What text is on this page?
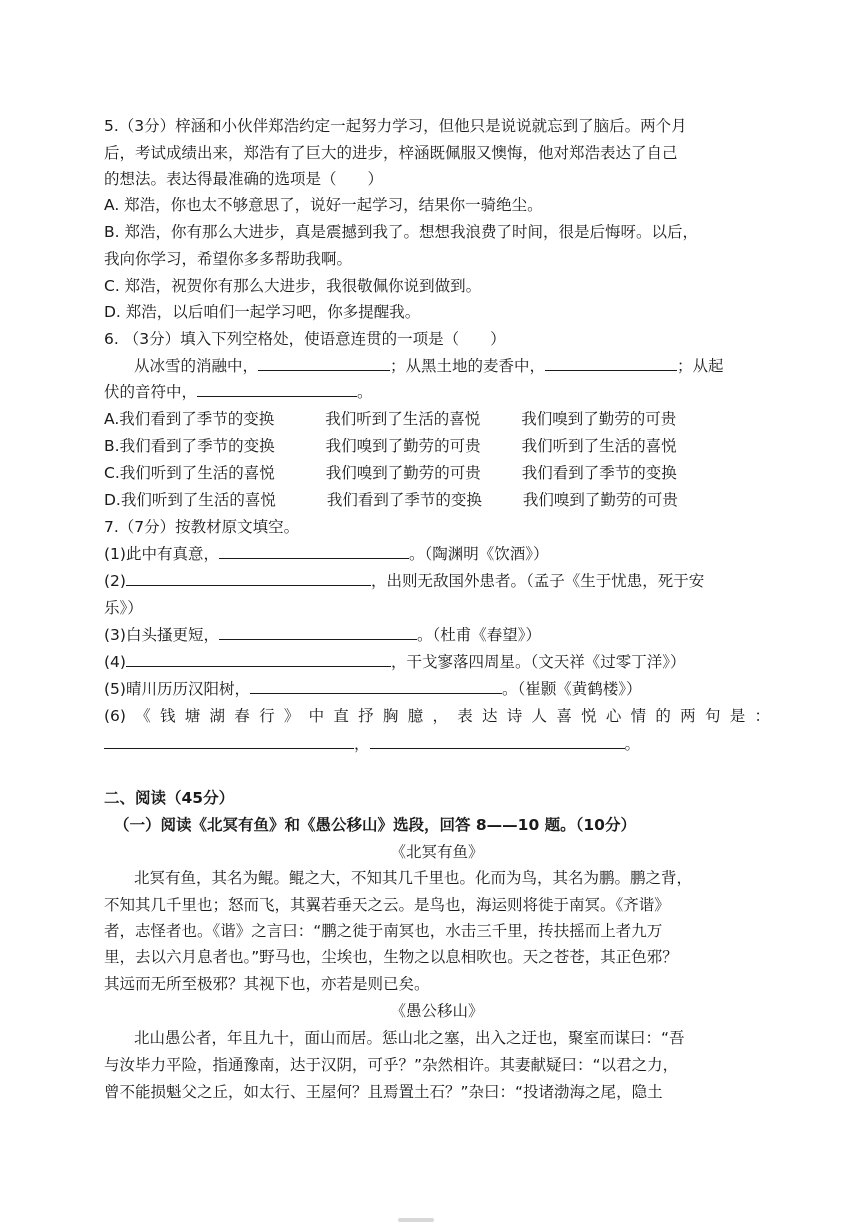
5.（3分）梓涵和小伙伴郑浩约定一起努力学习，但他只是说说就忘到了脑后。两个月
后，考试成绩出来，郑浩有了巨大的进步，梓涵既佩服又懊悔，他对郑浩表达了自己
的想法。表达得最准确的选项是（　　）
A. 郑浩，你也太不够意思了，说好一起学习，结果你一骑绝尘。
B. 郑浩，你有那么大进步，真是震撼到我了。想想我浪费了时间，很是后悔呀。以后，
我向你学习，希望你多多帮助我啊。
C. 郑浩，祝贺你有那么大进步，我很敬佩你说到做到。
D. 郑浩，以后咱们一起学习吧，你多提醒我。
6. （3分）填入下列空格处，使语意连贯的一项是（　　）
从冰雪的消融中，	；从黑土地的麦香中，	；从起
伏的音符中，	。
A.我们看到了季节的变换	我们听到了生活的喜悦	我们嗅到了勤劳的可贵
B.我们看到了季节的变换	我们嗅到了勤劳的可贵	我们听到了生活的喜悦
C.我们听到了生活的喜悦	我们嗅到了勤劳的可贵	我们看到了季节的变换
D.我们听到了生活的喜悦	我们看到了季节的变换	我们嗅到了勤劳的可贵
7.（7分）按教材原文填空。
(1)此中有真意，	。（陶渊明《饮酒》）
(2)	，出则无敌国外患者。（孟子《生于忧患，死于安
乐》）
(3)白头搔更短，	。（杜甫《春望》）
(4)	，干戈寥落四周星。（文天祥《过零丁洋》）
(5)晴川历历汉阳树，	。（崔颢《黄鹤楼》）
(6)《钱塘湖春行》中直抒胸臆，表达诗人喜悦心情的两句是：
，	。
二、阅读（45分）
（一）阅读《北冥有鱼》和《愚公移山》选段，回答 8——10 题。（10分）
《北冥有鱼》
北冥有鱼，其名为鲲。鲲之大，不知其几千里也。化而为鸟，其名为鹏。鹏之背，
不知其几千里也；怒而飞，其翼若垂天之云。是鸟也，海运则将徙于南冥。《齐谐》
者，志怪者也。《谐》之言曰：“鹏之徙于南冥也，水击三千里，抟扶摇而上者九万
里，去以六月息者也。”野马也，尘埃也，生物之以息相吹也。天之苍苍，其正色邪？
其远而无所至极邪？其视下也，亦若是则已矣。
《愚公移山》
北山愚公者，年且九十，面山而居。惩山北之塞，出入之迂也，聚室而谋曰：“吾
与汝毕力平险，指通豫南，达于汉阴，可乎？”杂然相许。其妻献疑曰：“以君之力，
曾不能损魁父之丘，如太行、王屋何？且焉置土石？”杂曰：“投诸渤海之尾，隐土
